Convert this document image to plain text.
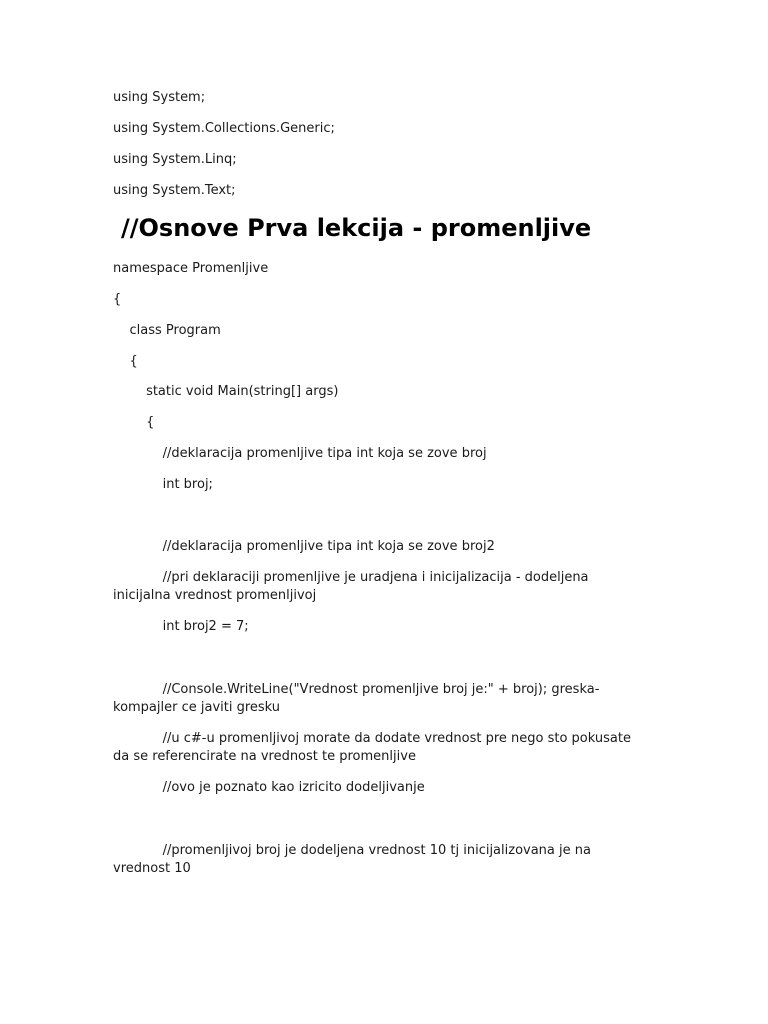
using System;
using System.Collections.Generic;
using System.Linq;
using System.Text;
//Osnove Prva lekcija - promenljive
namespace Promenljive
{
class Program
{
static void Main(string[] args)
{
//deklaracija promenljive tipa int koja se zove broj
int broj;
//deklaracija promenljive tipa int koja se zove broj2
//pri deklaraciji promenljive je uradjena i inicijalizacija - dodeljena inicijalna vrednost promenljivoj
int broj2 = 7;
//Console.WriteLine("Vrednost promenljive broj je:" + broj); greska-kompajler ce javiti gresku
//u c#-u promenljivoj morate da dodate vrednost pre nego sto pokusate da se referencirate na vrednost te promenljive
//ovo je poznato kao izricito dodeljivanje
//promenljivoj broj je dodeljena vrednost 10 tj inicijalizovana je na vrednost 10
